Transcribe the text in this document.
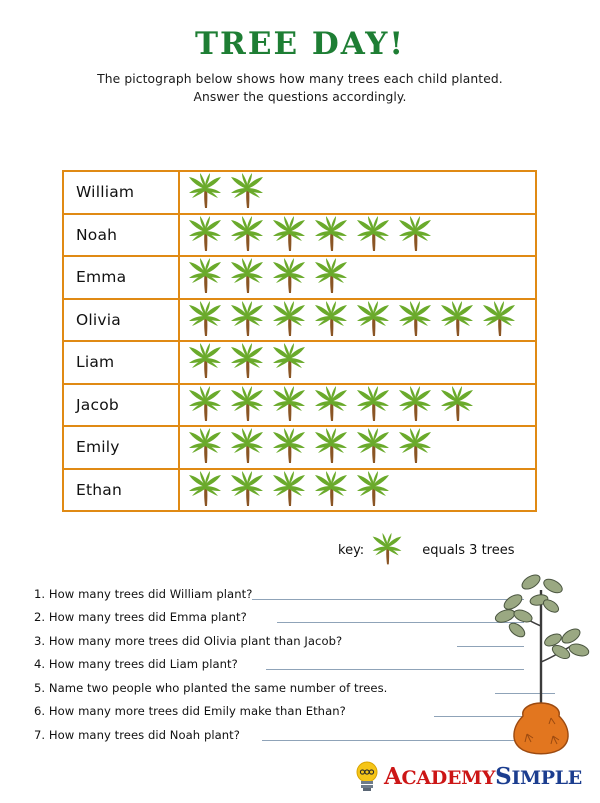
TREE DAY!
The pictograph below shows how many trees each child planted.
Answer the questions accordingly.
William
Noah
Emma
Olivia
Liam
Jacob
Emily
Ethan
key:	equals 3 trees
1. How many trees did William plant?
2. How many trees did Emma plant?
3. How many more trees did Olivia plant than Jacob?
4. How many trees did Liam plant?
5. Name two people who planted the same number of trees.
6. How many more trees did Emily make than Ethan?
7. How many trees did Noah plant?
ACADEMYSIMPLE
